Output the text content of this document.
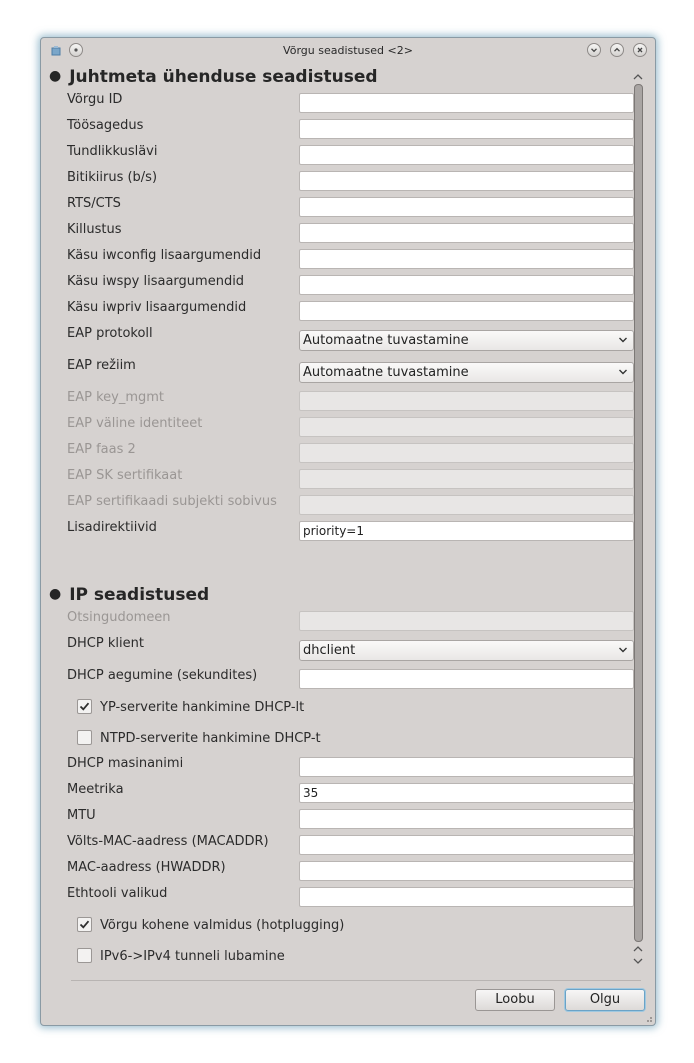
Võrgu seadistused <2>
● Juhtmeta ühenduse seadistused
Võrgu ID
Töösagedus
Tundlikkuslävi
Bitikiirus (b/s)
RTS/CTS
Killustus
Käsu iwconfig lisaargumendid
Käsu iwspy lisaargumendid
Käsu iwpriv lisaargumendid
EAP protokoll	Automaatne tuvastamine
EAP režiim	Automaatne tuvastamine
EAP key_mgmt
EAP väline identiteet
EAP faas 2
EAP SK sertifikaat
EAP sertifikaadi subjekti sobivus
Lisadirektiivid	priority=1
● IP seadistused
Otsingudomeen
DHCP klient	dhclient
DHCP aegumine (sekundites)
YP-serverite hankimine DHCP-lt
NTPD-serverite hankimine DHCP-t
DHCP masinanimi
Meetrika	35
MTU
Võlts-MAC-aadress (MACADDR)
MAC-aadress (HWADDR)
Ethtooli valikud
Võrgu kohene valmidus (hotplugging)
IPv6->IPv4 tunneli lubamine
Loobu	Olgu
